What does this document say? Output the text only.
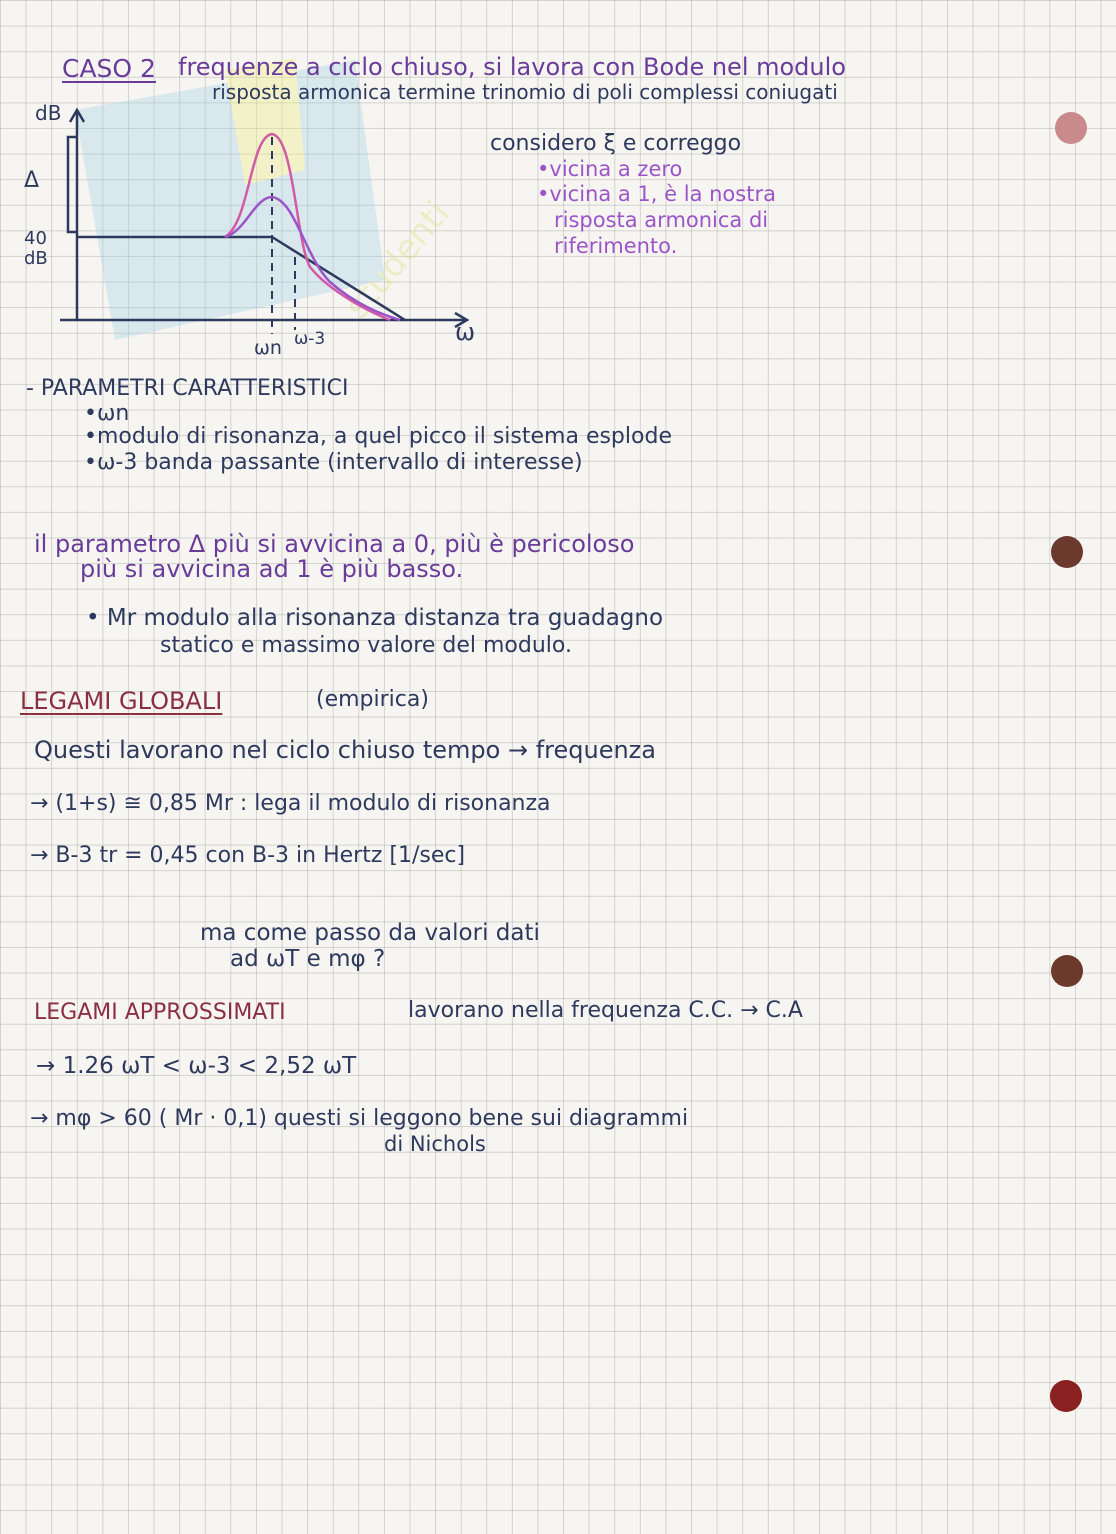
studenti
dB
Δ
40
dB
ω
ωn ω-3
CASO 2 frequenze a ciclo chiuso, si lavora con Bode nel modulo
risposta armonica termine trinomio di poli complessi coniugati
considero ξ e correggo
•vicina a zero
•vicina a 1, è la nostra
risposta armonica di
riferimento.
- PARAMETRI CARATTERISTICI
•ωn
•modulo di risonanza, a quel picco il sistema esplode
•ω-3 banda passante (intervallo di interesse)
il parametro Δ più si avvicina a 0, più è pericoloso
più si avvicina ad 1 è più basso.
• Mr modulo alla risonanza distanza tra guadagno
statico e massimo valore del modulo.
LEGAMI GLOBALI	(empirica)
Questi lavorano nel ciclo chiuso tempo → frequenza
→ (1+s) ≅ 0,85 Mr : lega il modulo di risonanza
→ B-3 tr = 0,45 con B-3 in Hertz [1/sec]
ma come passo da valori dati
ad ωT e mφ ?
LEGAMI APPROSSIMATI	lavorano nella frequenza C.C. → C.A
→ 1.26 ωT < ω-3 < 2,52 ωT
→ mφ > 60 ( Mr · 0,1) questi si leggono bene sui diagrammi
di Nichols
